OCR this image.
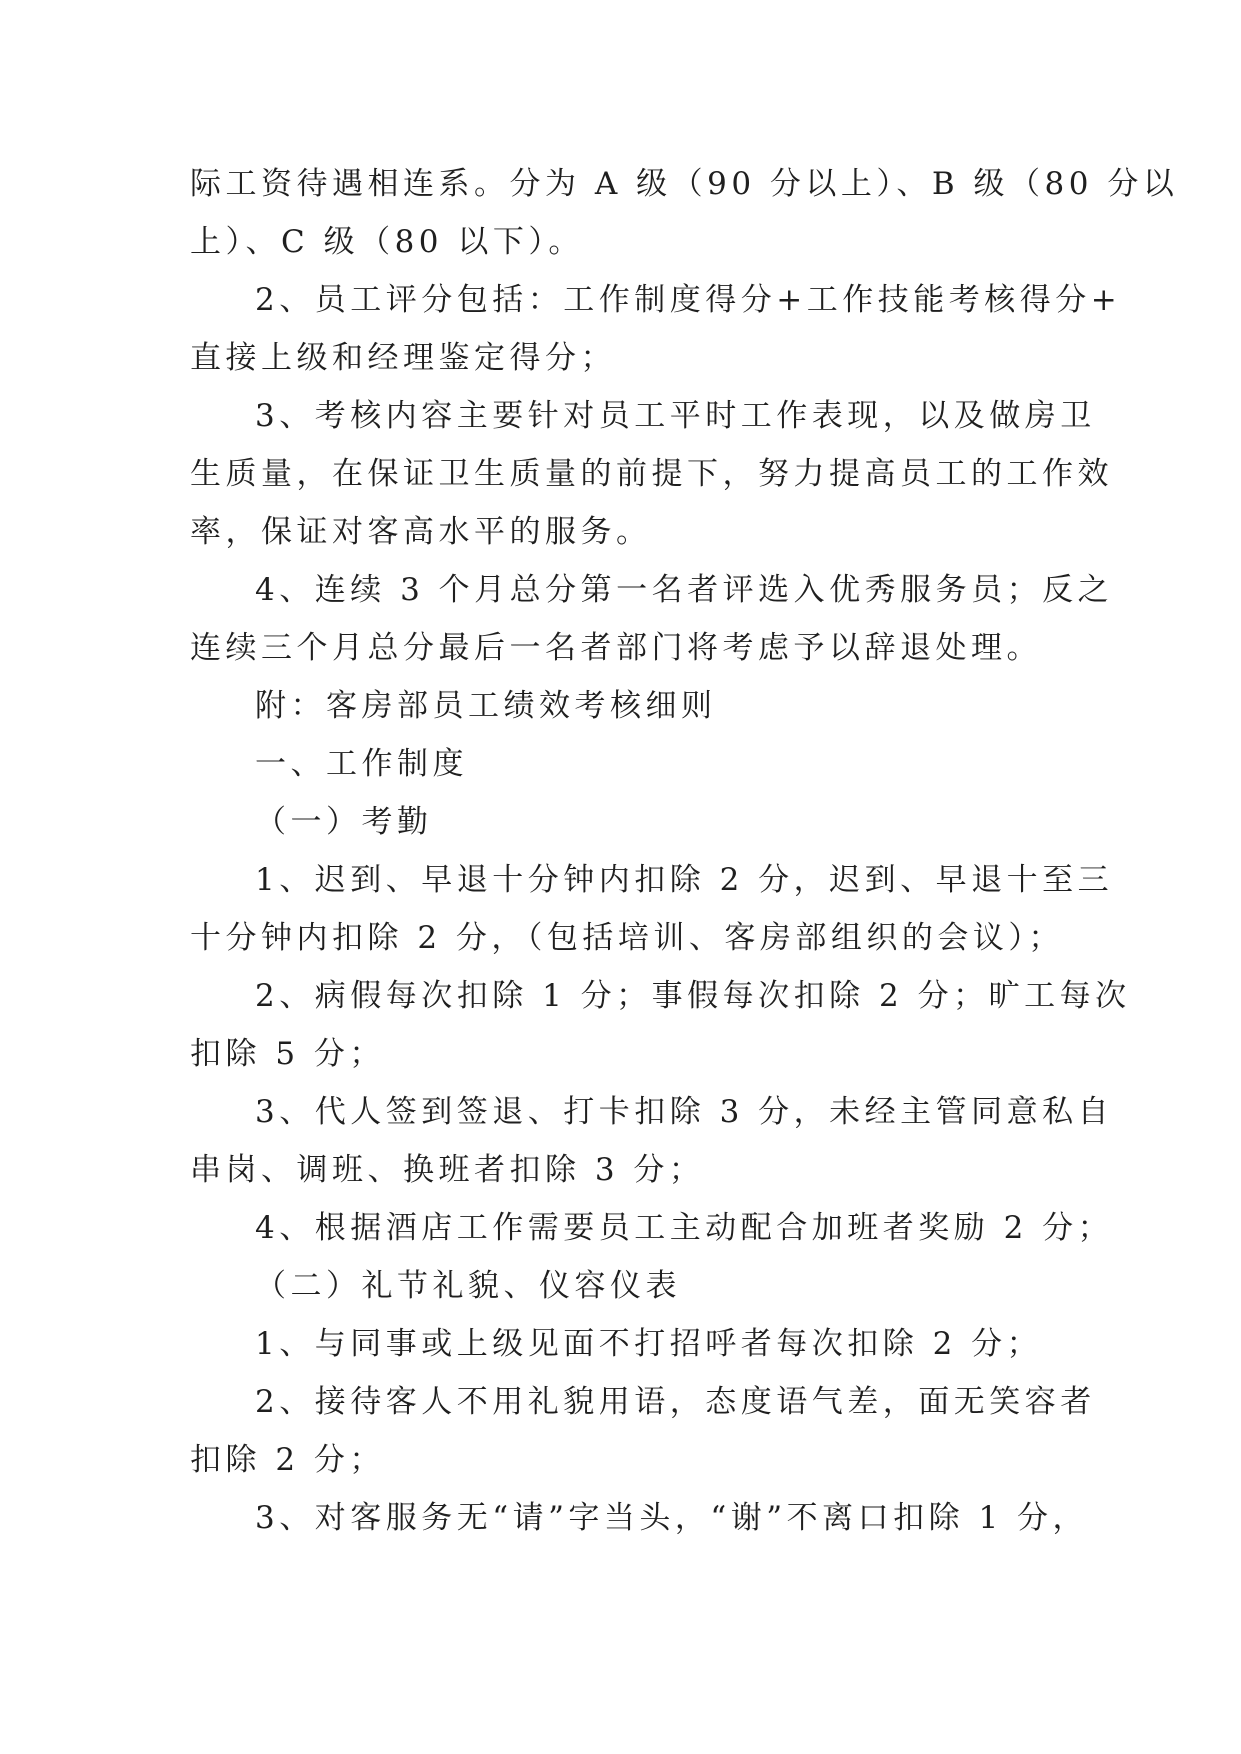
际工资待遇相连系。分为 A 级（90 分以上）、B 级（80 分以
上）、C 级（80 以下）。
2、员工评分包括：工作制度得分+工作技能考核得分+
直接上级和经理鉴定得分；
3、考核内容主要针对员工平时工作表现，以及做房卫
生质量，在保证卫生质量的前提下，努力提高员工的工作效
率，保证对客高水平的服务。
4、连续 3 个月总分第一名者评选入优秀服务员；反之
连续三个月总分最后一名者部门将考虑予以辞退处理。
附：客房部员工绩效考核细则
一、工作制度
（一）考勤
1、迟到、早退十分钟内扣除 2 分，迟到、早退十至三
十分钟内扣除 2 分，（包括培训、客房部组织的会议）；
2、病假每次扣除 1 分；事假每次扣除 2 分；旷工每次
扣除 5 分；
3、代人签到签退、打卡扣除 3 分，未经主管同意私自
串岗、调班、换班者扣除 3 分；
4、根据酒店工作需要员工主动配合加班者奖励 2 分；
（二）礼节礼貌、仪容仪表
1、与同事或上级见面不打招呼者每次扣除 2 分；
2、接待客人不用礼貌用语，态度语气差，面无笑容者
扣除 2 分；
3、对客服务无“请”字当头，“谢”不离口扣除 1 分，
